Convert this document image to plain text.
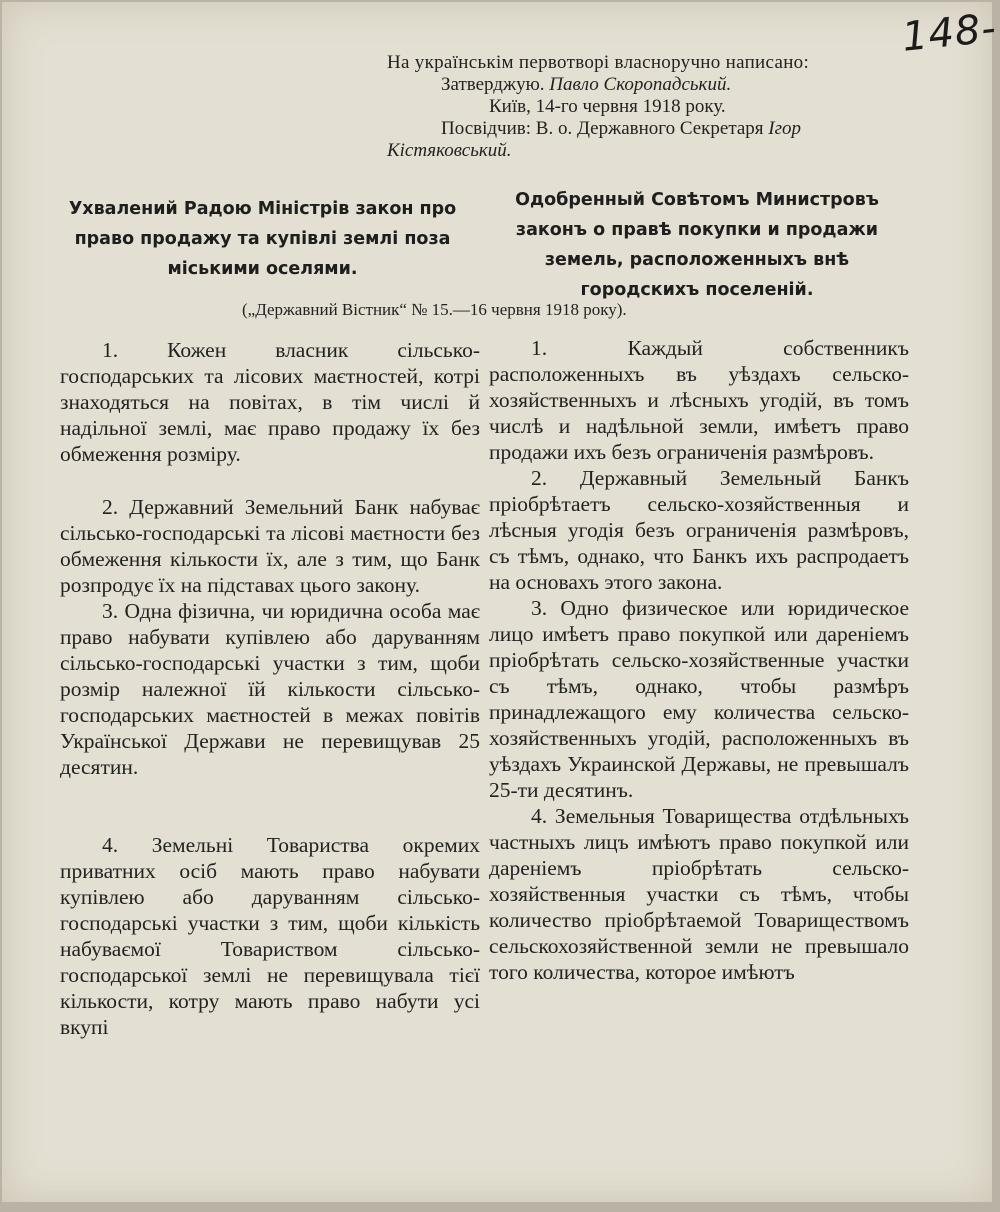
148-
На українськім первотворі власноручно написано:
Затверджую. Павло Скоропадський.
Київ, 14-го червня 1918 року.
Посвідчив: В. о. Державного Секретаря Ігор
Кістяковський.
Ухвалений Радою Міністрів закон про право продажу та купівлі землі поза міськими оселями.
Одобренный Совѣтомъ Министровъ законъ о правѣ покупки и продажи земель, расположенныхъ внѣ городскихъ поселеній.
(„Державний Вістник“ № 15.—16 червня 1918 року).

1. Кожен власник сільсько-господарських та лісових маєтностей, котрі знаходяться на повітах, в тім числі й надільної землі, має право продажу їх без обмеження розміру.

2. Державний Земельний Банк набуває сільсько-господарські та лісові маєтности без обмеження кількости їх, але з тим, що Банк розпродує їх на підставах цього закону.

3. Одна фізична, чи юридична особа має право набувати купівлею або даруванням сільсько-господарські участки з тим, щоби розмір належної їй кількости сільсько-господарських маєтностей в межах повітів Української Держави не перевищував 25 десятин.

4. Земельні Товариства окремих приватних осіб мають право набувати купівлею або даруванням сільсько-господарські участки з тим, щоби кількість набуваємої Товариством сільсько-господарської землі не перевищувала тієї кількости, котру мають право набути усі вкупі

1. Каждый собственникъ расположенныхъ въ уѣздахъ сельско-хозяйственныхъ и лѣсныхъ угодій, въ томъ числѣ и надѣльной земли, имѣетъ право продажи ихъ безъ ограниченія размѣровъ.

2. Державный Земельный Банкъ пріобрѣтаетъ сельско-хозяйственныя и лѣсныя угодія безъ ограниченія размѣровъ, съ тѣмъ, однако, что Банкъ ихъ распродаетъ на основахъ этого закона.

3. Одно физическое или юридическое лицо имѣетъ право покупкой или дареніемъ пріобрѣтать сельско-хозяйственные участки съ тѣмъ, однако, чтобы размѣръ принадлежащого ему количества сельско-хозяйственныхъ угодій, расположенныхъ въ уѣздахъ Украинской Державы, не превышалъ 25-ти десятинъ.

4. Земельныя Товарищества отдѣльныхъ частныхъ лицъ имѣютъ право покупкой или дареніемъ пріобрѣтать сельско-хозяйственныя участки съ тѣмъ, чтобы количество пріобрѣтаемой Товариществомъ сельскохозяйственной земли не превышало того количества, которое имѣютъ
